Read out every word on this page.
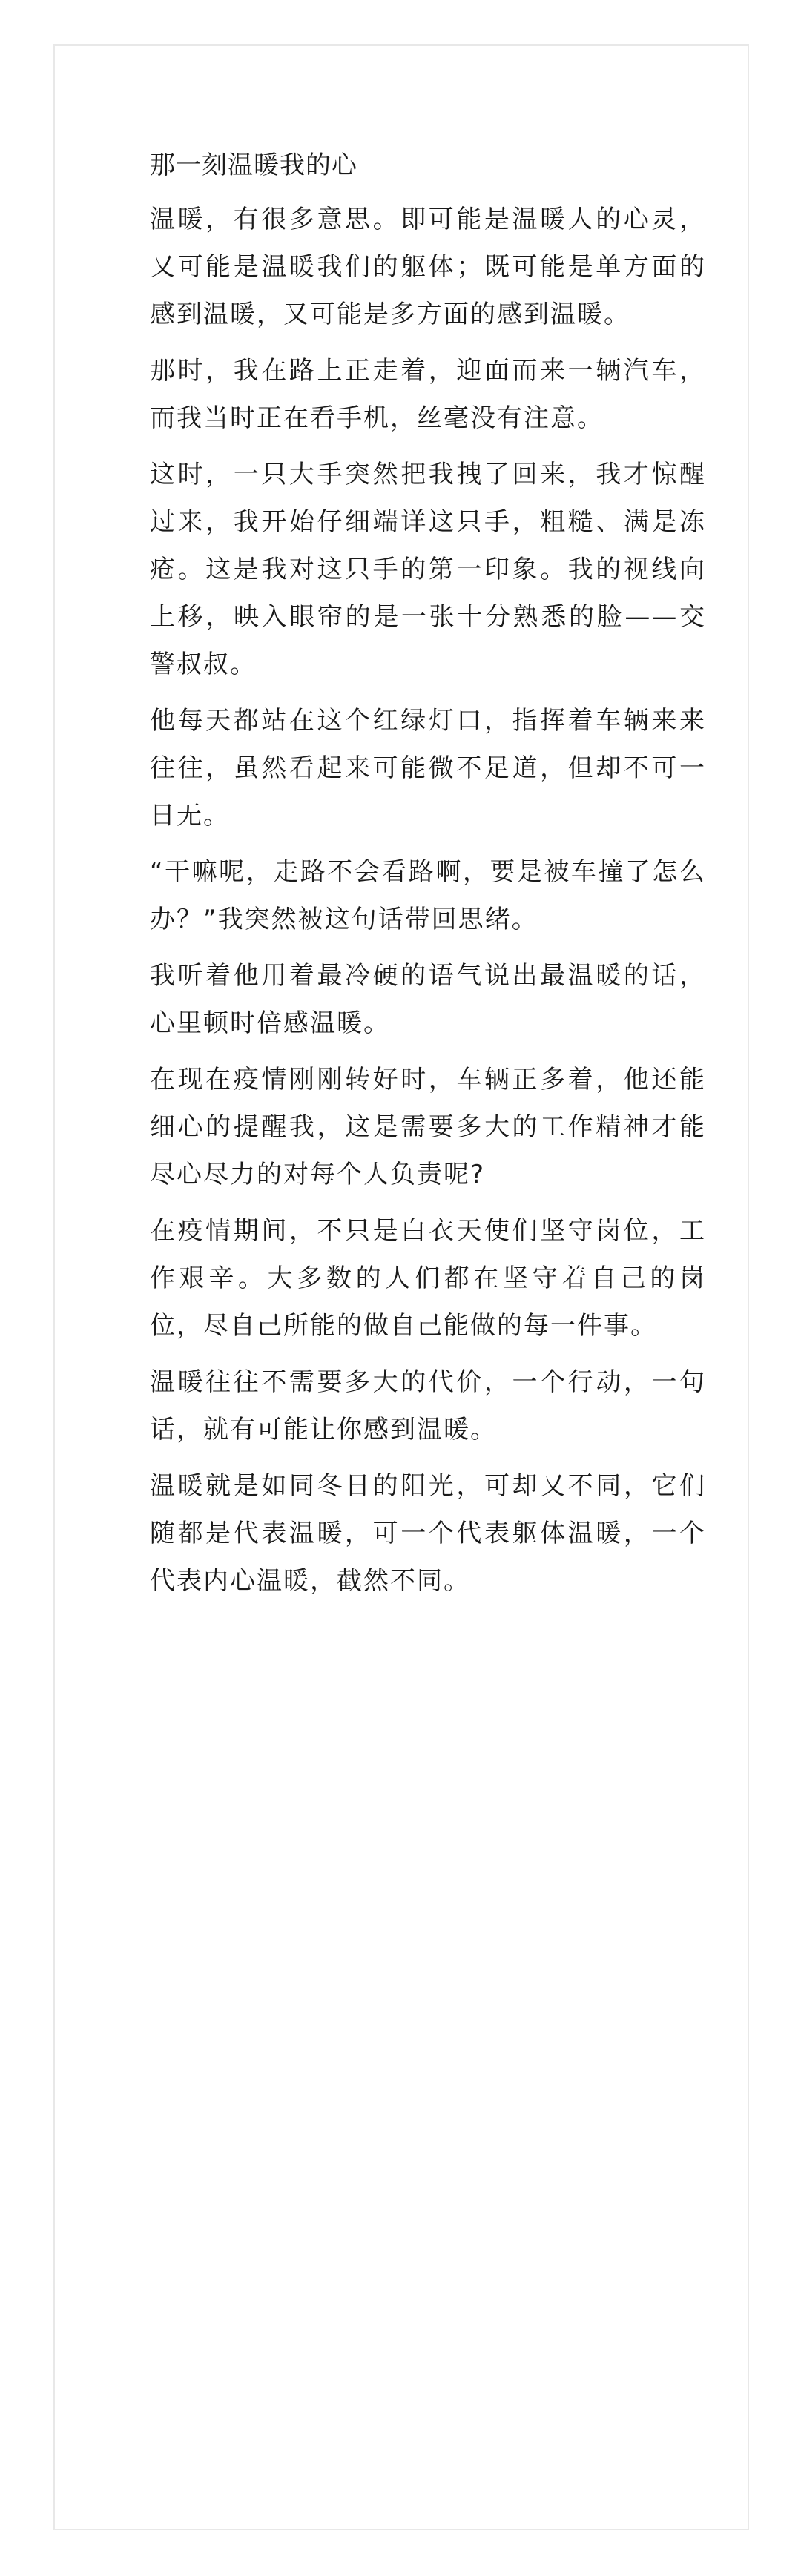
那一刻温暖我的心

温暖，有很多意思。即可能是温暖人的心灵，又可能是温暖我们的躯体；既可能是单方面的感到温暖，又可能是多方面的感到温暖。

那时，我在路上正走着，迎面而来一辆汽车，而我当时正在看手机，丝毫没有注意。

这时，一只大手突然把我拽了回来，我才惊醒过来，我开始仔细端详这只手，粗糙、满是冻疮。这是我对这只手的第一印象。我的视线向上移，映入眼帘的是一张十分熟悉的脸——交警叔叔。

他每天都站在这个红绿灯口，指挥着车辆来来往往，虽然看起来可能微不足道，但却不可一日无。

“干嘛呢，走路不会看路啊，要是被车撞了怎么办？”我突然被这句话带回思绪。

我听着他用着最冷硬的语气说出最温暖的话，心里顿时倍感温暖。

在现在疫情刚刚转好时，车辆正多着，他还能细心的提醒我，这是需要多大的工作精神才能尽心尽力的对每个人负责呢?

在疫情期间，不只是白衣天使们坚守岗位，工作艰辛。大多数的人们都在坚守着自己的岗位，尽自己所能的做自己能做的每一件事。

温暖往往不需要多大的代价，一个行动，一句话，就有可能让你感到温暖。

温暖就是如同冬日的阳光，可却又不同，它们随都是代表温暖，可一个代表躯体温暖，一个代表内心温暖，截然不同。
